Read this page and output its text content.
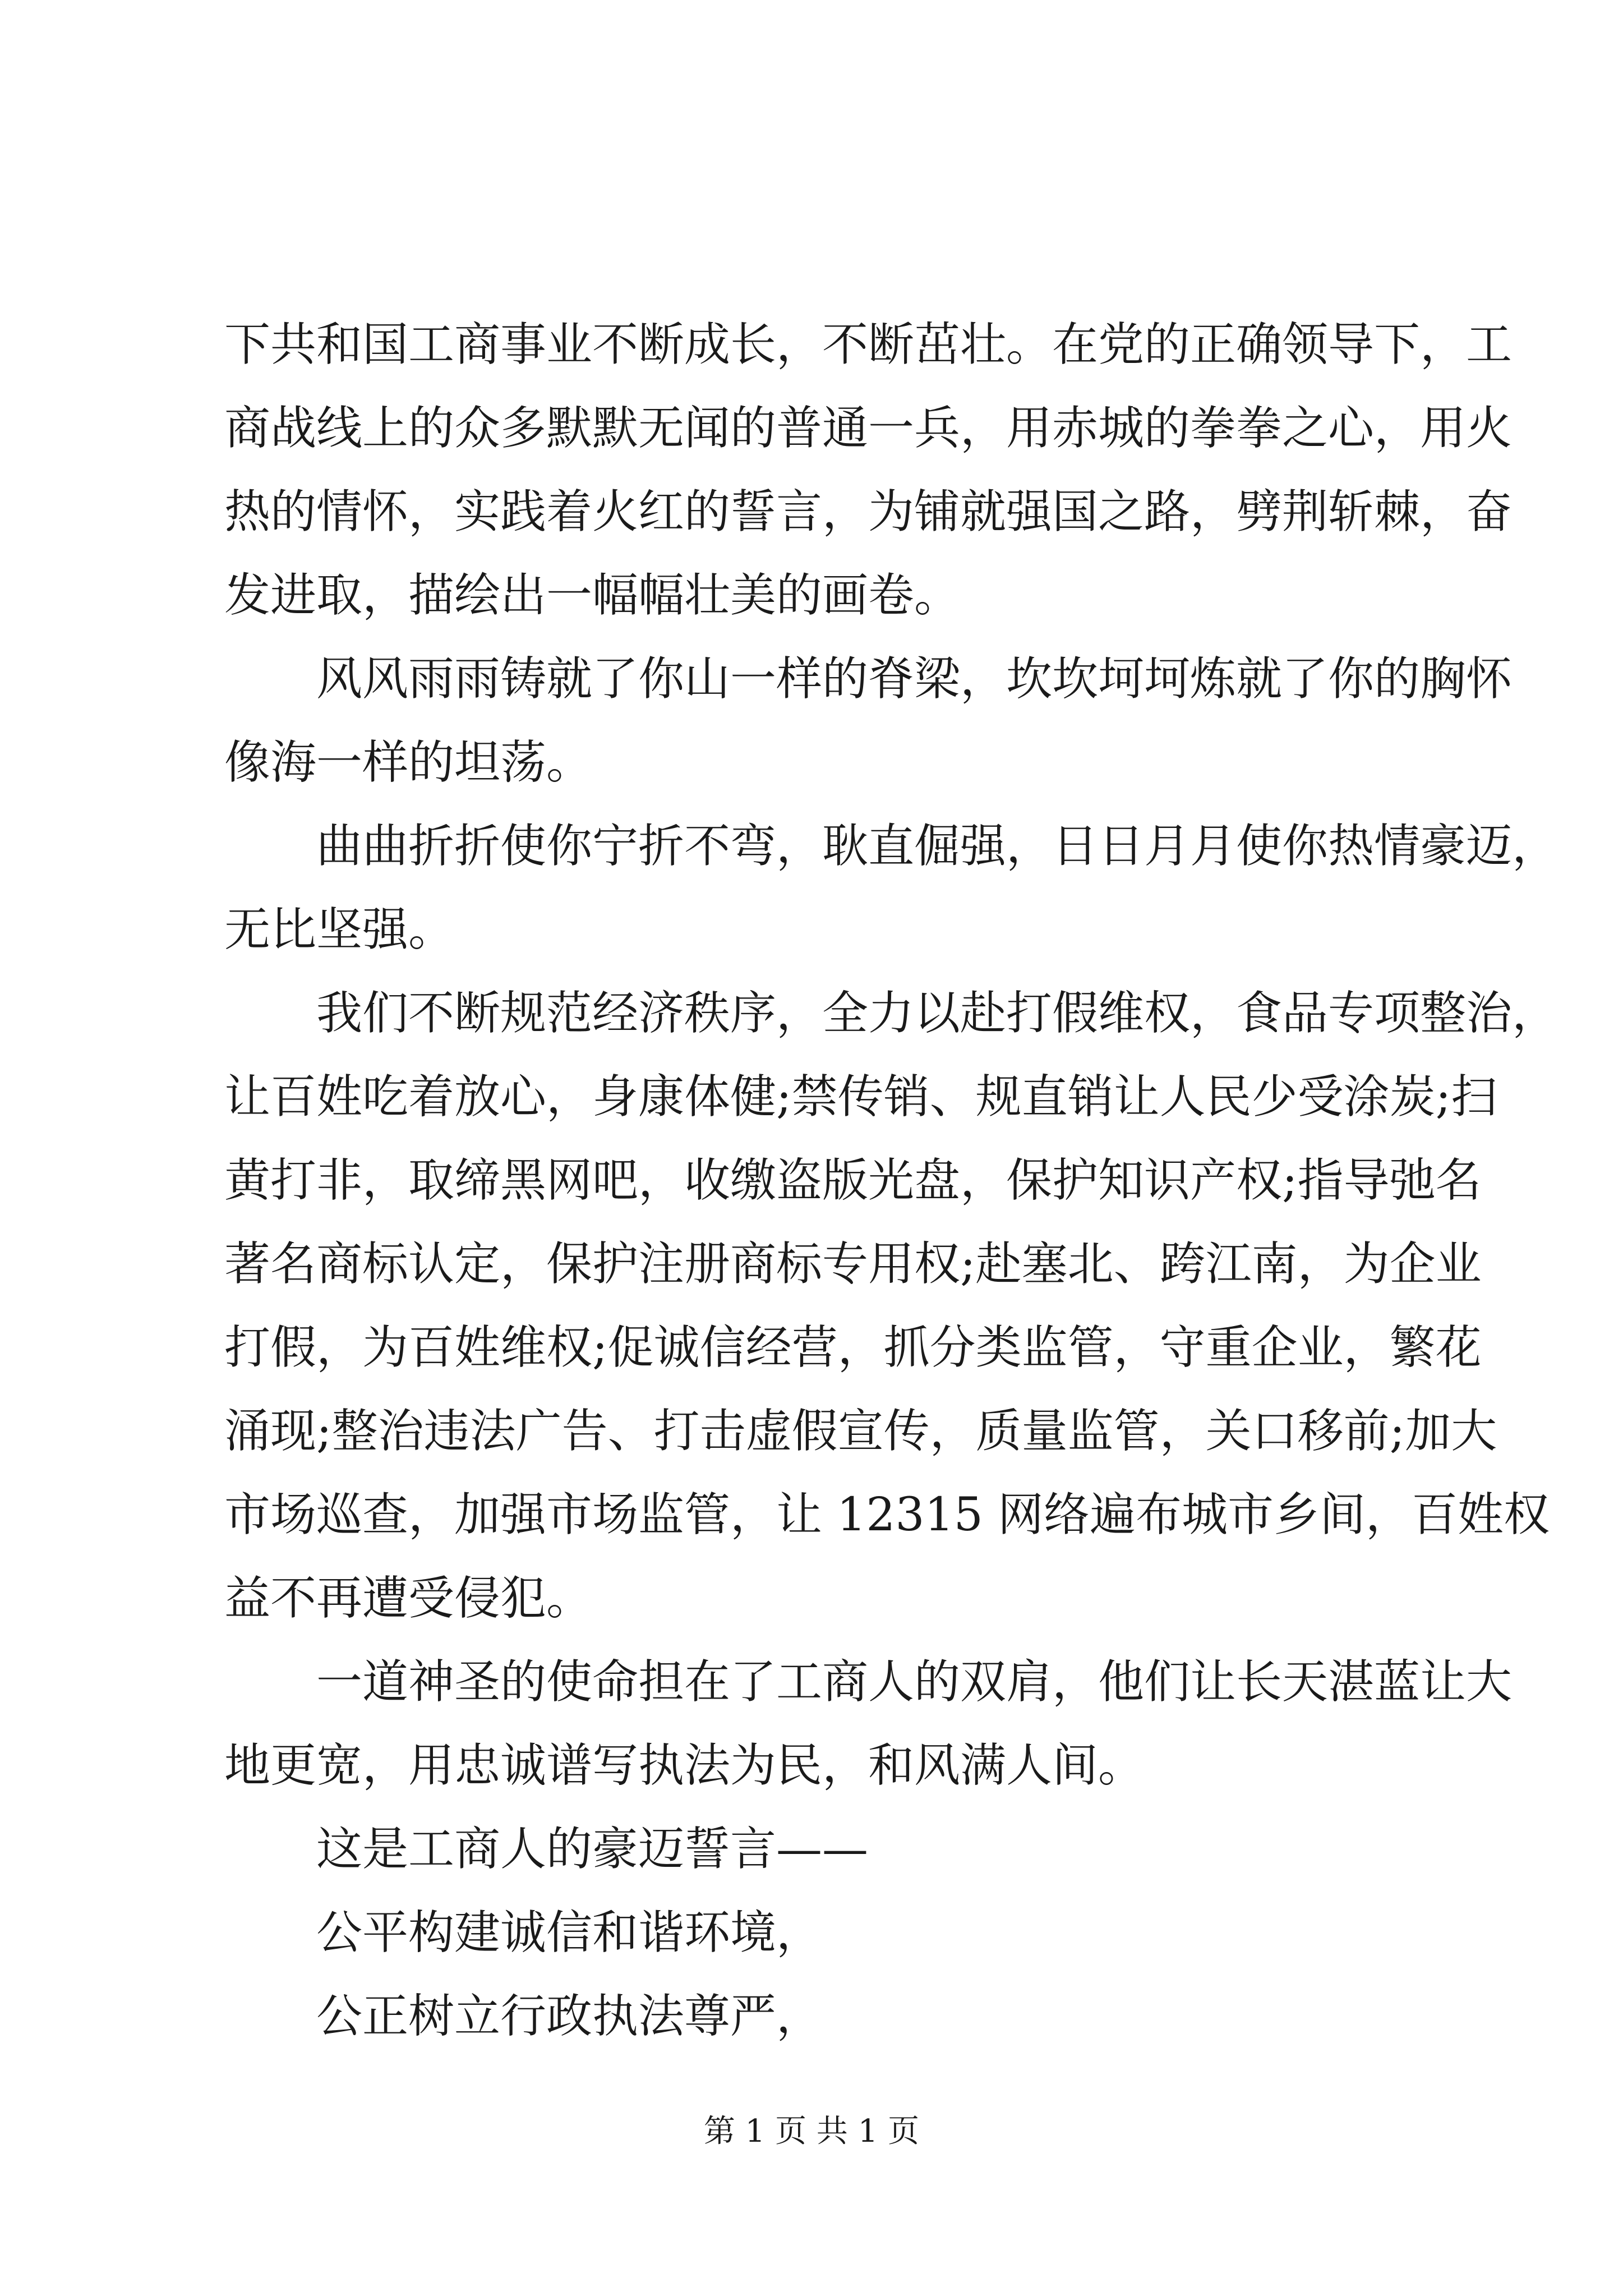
下共和国工商事业不断成长，不断茁壮。在党的正确领导下，工
商战线上的众多默默无闻的普通一兵，用赤城的拳拳之心，用火
热的情怀，实践着火红的誓言，为铺就强国之路，劈荆斩棘，奋
发进取，描绘出一幅幅壮美的画卷。
　　风风雨雨铸就了你山一样的脊梁，坎坎坷坷炼就了你的胸怀
像海一样的坦荡。
　　曲曲折折使你宁折不弯，耿直倔强，日日月月使你热情豪迈，
无比坚强。
　　我们不断规范经济秩序，全力以赴打假维权，食品专项整治，
让百姓吃着放心，身康体健;禁传销、规直销让人民少受涂炭;扫
黄打非，取缔黑网吧，收缴盗版光盘，保护知识产权;指导弛名
著名商标认定，保护注册商标专用权;赴塞北、跨江南，为企业
打假，为百姓维权;促诚信经营，抓分类监管，守重企业，繁花
涌现;整治违法广告、打击虚假宣传，质量监管，关口移前;加大
市场巡查，加强市场监管，让 12315 网络遍布城市乡间，百姓权
益不再遭受侵犯。
　　一道神圣的使命担在了工商人的双肩，他们让长天湛蓝让大
地更宽，用忠诚谱写执法为民，和风满人间。
　　这是工商人的豪迈誓言——
　　公平构建诚信和谐环境，
　　公正树立行政执法尊严，
第 1 页 共 1 页
